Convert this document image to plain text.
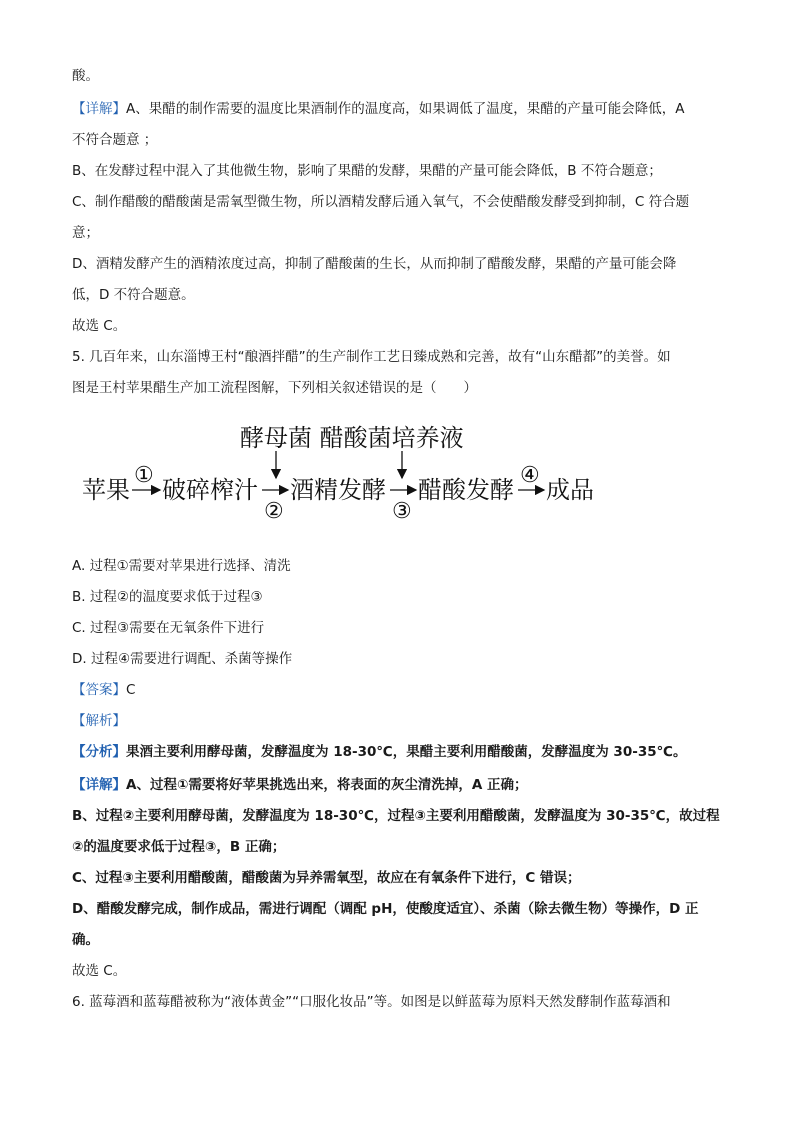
酸。
【详解】A、果醋的制作需要的温度比果酒制作的温度高，如果调低了温度，果醋的产量可能会降低，A
不符合题意 ；
B、在发酵过程中混入了其他微生物，影响了果醋的发酵，果醋的产量可能会降低，B 不符合题意；
C、制作醋酸的醋酸菌是需氧型微生物，所以酒精发酵后通入氧气，不会使醋酸发酵受到抑制，C 符合题
意；
D、酒精发酵产生的酒精浓度过高，抑制了醋酸菌的生长，从而抑制了醋酸发酵，果醋的产量可能会降
低，D 不符合题意。
故选 C。
5. 几百年来，山东淄博王村“酿酒拌醋”的生产制作工艺日臻成熟和完善，故有“山东醋都”的美誉。如
图是王村苹果醋生产加工流程图解，下列相关叙述错误的是（　　）
酵母菌 醋酸菌培养液
苹果
①
破碎榨汁
②
酒精发酵
③
醋酸发酵
④
成品
A. 过程①需要对苹果进行选择、清洗
B. 过程②的温度要求低于过程③
C. 过程③需要在无氧条件下进行
D. 过程④需要进行调配、杀菌等操作
【答案】C
【解析】
【分析】果酒主要利用酵母菌，发酵温度为 18-30℃，果醋主要利用醋酸菌，发酵温度为 30-35℃。
【详解】A、过程①需要将好苹果挑选出来，将表面的灰尘清洗掉，A 正确；
B、过程②主要利用酵母菌，发酵温度为 18-30℃，过程③主要利用醋酸菌，发酵温度为 30-35℃，故过程
②的温度要求低于过程③，B 正确；
C、过程③主要利用醋酸菌，醋酸菌为异养需氧型，故应在有氧条件下进行，C 错误；
D、醋酸发酵完成，制作成品，需进行调配（调配 pH，使酸度适宜）、杀菌（除去微生物）等操作，D 正
确。
故选 C。
6. 蓝莓酒和蓝莓醋被称为“液体黄金”“口服化妆品”等。如图是以鲜蓝莓为原料天然发酵制作蓝莓酒和
